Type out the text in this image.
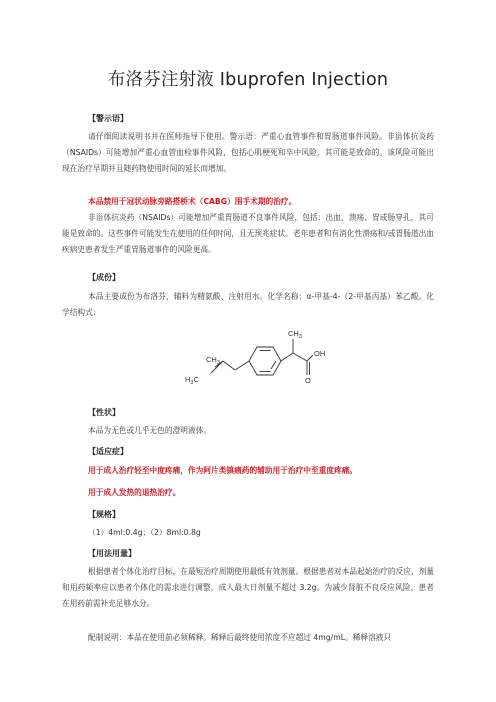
布洛芬注射液 Ibuprofen Injection
【警示语】

请仔细阅读说明书并在医师指导下使用。警示语：严重心血管事件和胃肠道事件风险。非甾体抗炎药（NSAIDs）可能增加严重心血管血栓事件风险，包括心肌梗死和卒中风险，其可能是致命的。该风险可能出现在治疗早期并且随药物使用时间的延长而增加。

本品禁用于冠状动脉旁路搭桥术（CABG）围手术期的治疗。

非甾体抗炎药（NSAIDs）可能增加严重胃肠道不良事件风险，包括：出血、溃疡、胃或肠穿孔，其可能是致命的。这些事件可能发生在使用的任何时间，且无预兆症状。老年患者和有消化性溃疡和/或胃肠道出血疾病史患者发生严重胃肠道事件的风险更高。

【成份】

本品主要成份为布洛芬，辅料为精氨酸、注射用水。化学名称：α-甲基-4-（2-甲基丙基）苯乙酸。化学结构式：

$CH_3$
OH
O
$CH_3$
$H_3C$
【性状】

本品为无色或几乎无色的澄明液体。

【适应症】

用于成人治疗轻至中度疼痛，作为阿片类镇痛药的辅助用于治疗中至重度疼痛。

用于成人发热的退热治疗。

【规格】

（1）4ml:0.4g；（2）8ml:0.8g

【用法用量】

根据患者个体化治疗目标，在最短治疗周期使用最低有效剂量。根据患者对本品起始治疗的反应，剂量和用药频率应以患者个体化的需求进行调整，成人最大日剂量不超过 3.2g。为减少肾脏不良反应风险，患者在用药前需补充足够水分。

配制说明：本品在使用前必须稀释。稀释后最终使用浓度不应超过 4mg/mL。稀释溶液只
